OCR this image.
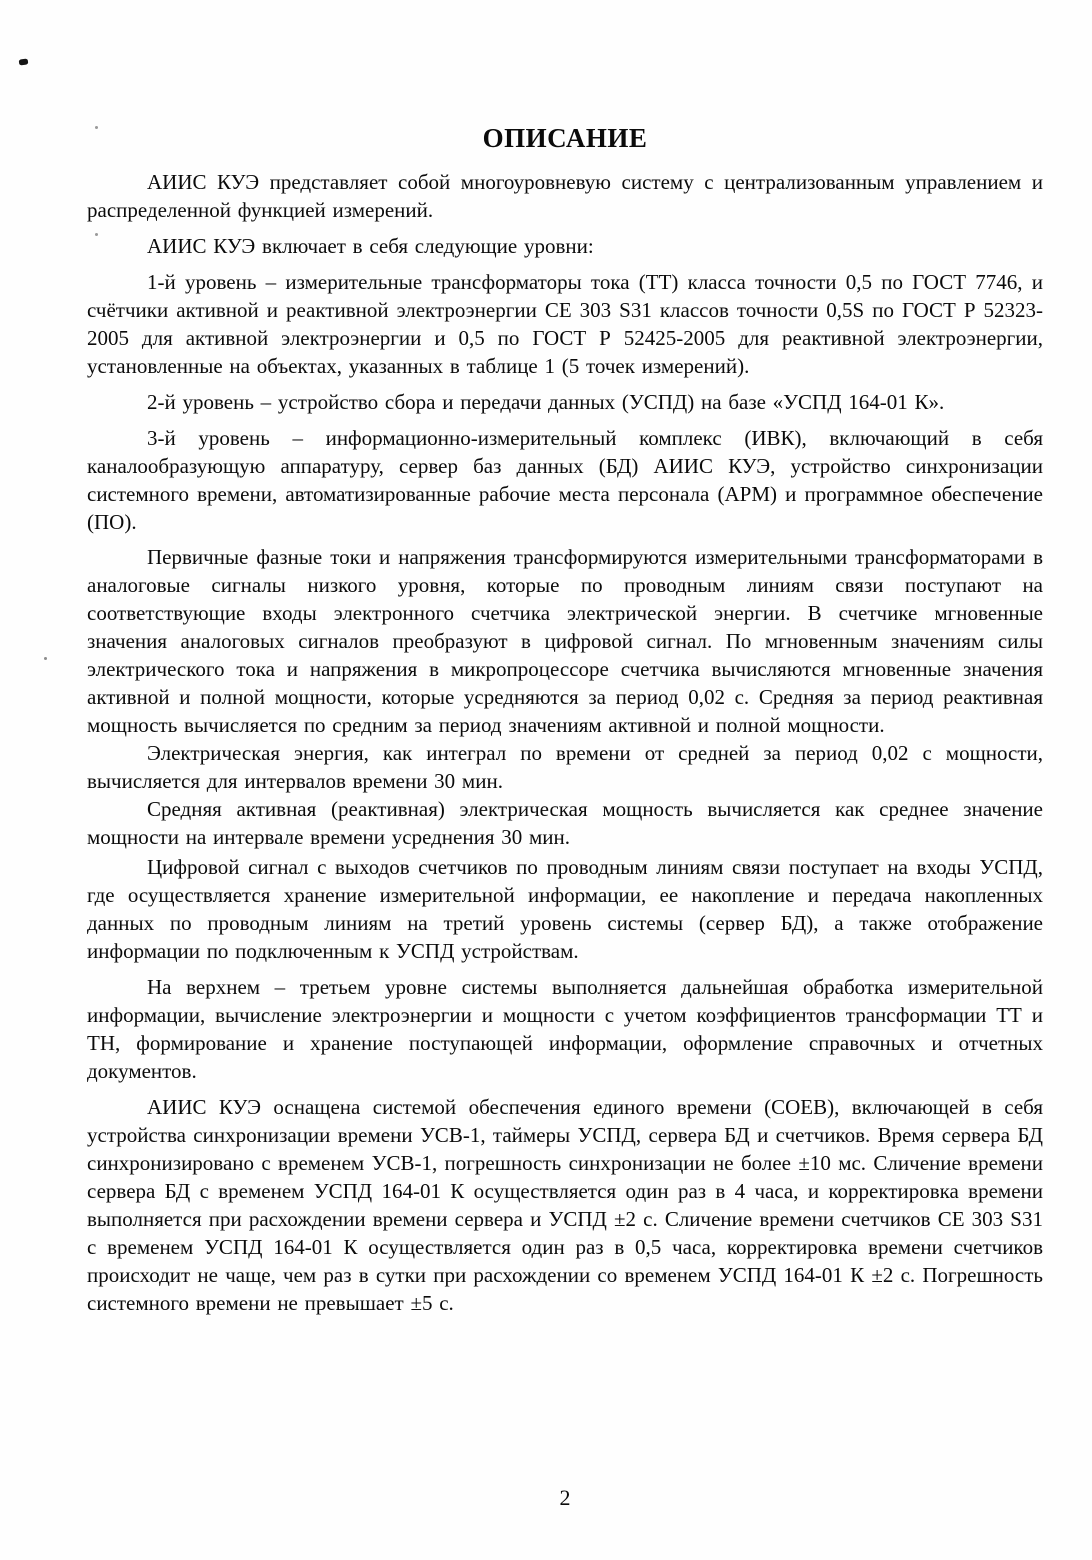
ОПИСАНИЕ

АИИС КУЭ представляет собой многоуровневую систему с централизованным управлением и распределенной функцией измерений.

АИИС КУЭ включает в себя следующие уровни:

1-й уровень – измерительные трансформаторы тока (ТТ) класса точности 0,5 по ГОСТ 7746, и счётчики активной и реактивной электроэнергии СЕ 303 S31 классов точности 0,5S по ГОСТ Р 52323-2005 для активной электроэнергии и 0,5 по ГОСТ Р 52425-2005 для реактивной электроэнергии, установленные на объектах, указанных в таблице 1 (5 точек измерений).

2-й уровень – устройство сбора и передачи данных (УСПД) на базе «УСПД 164-01 К».

3-й уровень – информационно-измерительный комплекс (ИВК), включающий в себя каналообразующую аппаратуру, сервер баз данных (БД) АИИС КУЭ, устройство синхронизации системного времени, автоматизированные рабочие места персонала (АРМ) и программное обеспечение (ПО).

Первичные фазные токи и напряжения трансформируются измерительными трансформаторами в аналоговые сигналы низкого уровня, которые по проводным линиям связи поступают на соответствующие входы электронного счетчика электрической энергии. В счетчике мгновенные значения аналоговых сигналов преобразуют в цифровой сигнал. По мгновенным значениям силы электрического тока и напряжения в микропроцессоре счетчика вычисляются мгновенные значения активной и полной мощности, которые усредняются за период 0,02 с. Средняя за период реактивная мощность вычисляется по средним за период значениям активной и полной мощности.

Электрическая энергия, как интеграл по времени от средней за период 0,02 с мощности, вычисляется для интервалов времени 30 мин.

Средняя активная (реактивная) электрическая мощность вычисляется как среднее значение мощности на интервале времени усреднения 30 мин.

Цифровой сигнал с выходов счетчиков по проводным линиям связи поступает на входы УСПД, где осуществляется хранение измерительной информации, ее накопление и передача накопленных данных по проводным линиям на третий уровень системы (сервер БД), а также отображение информации по подключенным к УСПД устройствам.

На верхнем – третьем уровне системы выполняется дальнейшая обработка измерительной информации, вычисление электроэнергии и мощности с учетом коэффициентов трансформации ТТ и ТН, формирование и хранение поступающей информации, оформление справочных и отчетных документов.

АИИС КУЭ оснащена системой обеспечения единого времени (СОЕВ), включающей в себя устройства синхронизации времени УСВ-1, таймеры УСПД, сервера БД и счетчиков. Время сервера БД синхронизировано с временем УСВ-1, погрешность синхронизации не более ±10 мс. Сличение времени сервера БД с временем УСПД 164-01 К осуществляется один раз в 4 часа, и корректировка времени выполняется при расхождении времени сервера и УСПД ±2 с. Сличение времени счетчиков СЕ 303 S31 с временем УСПД 164-01 К осуществляется один раз в 0,5 часа, корректировка времени счетчиков происходит не чаще, чем раз в сутки при расхождении со временем УСПД 164-01 К ±2 с. Погрешность системного времени не превышает ±5 с.

2
